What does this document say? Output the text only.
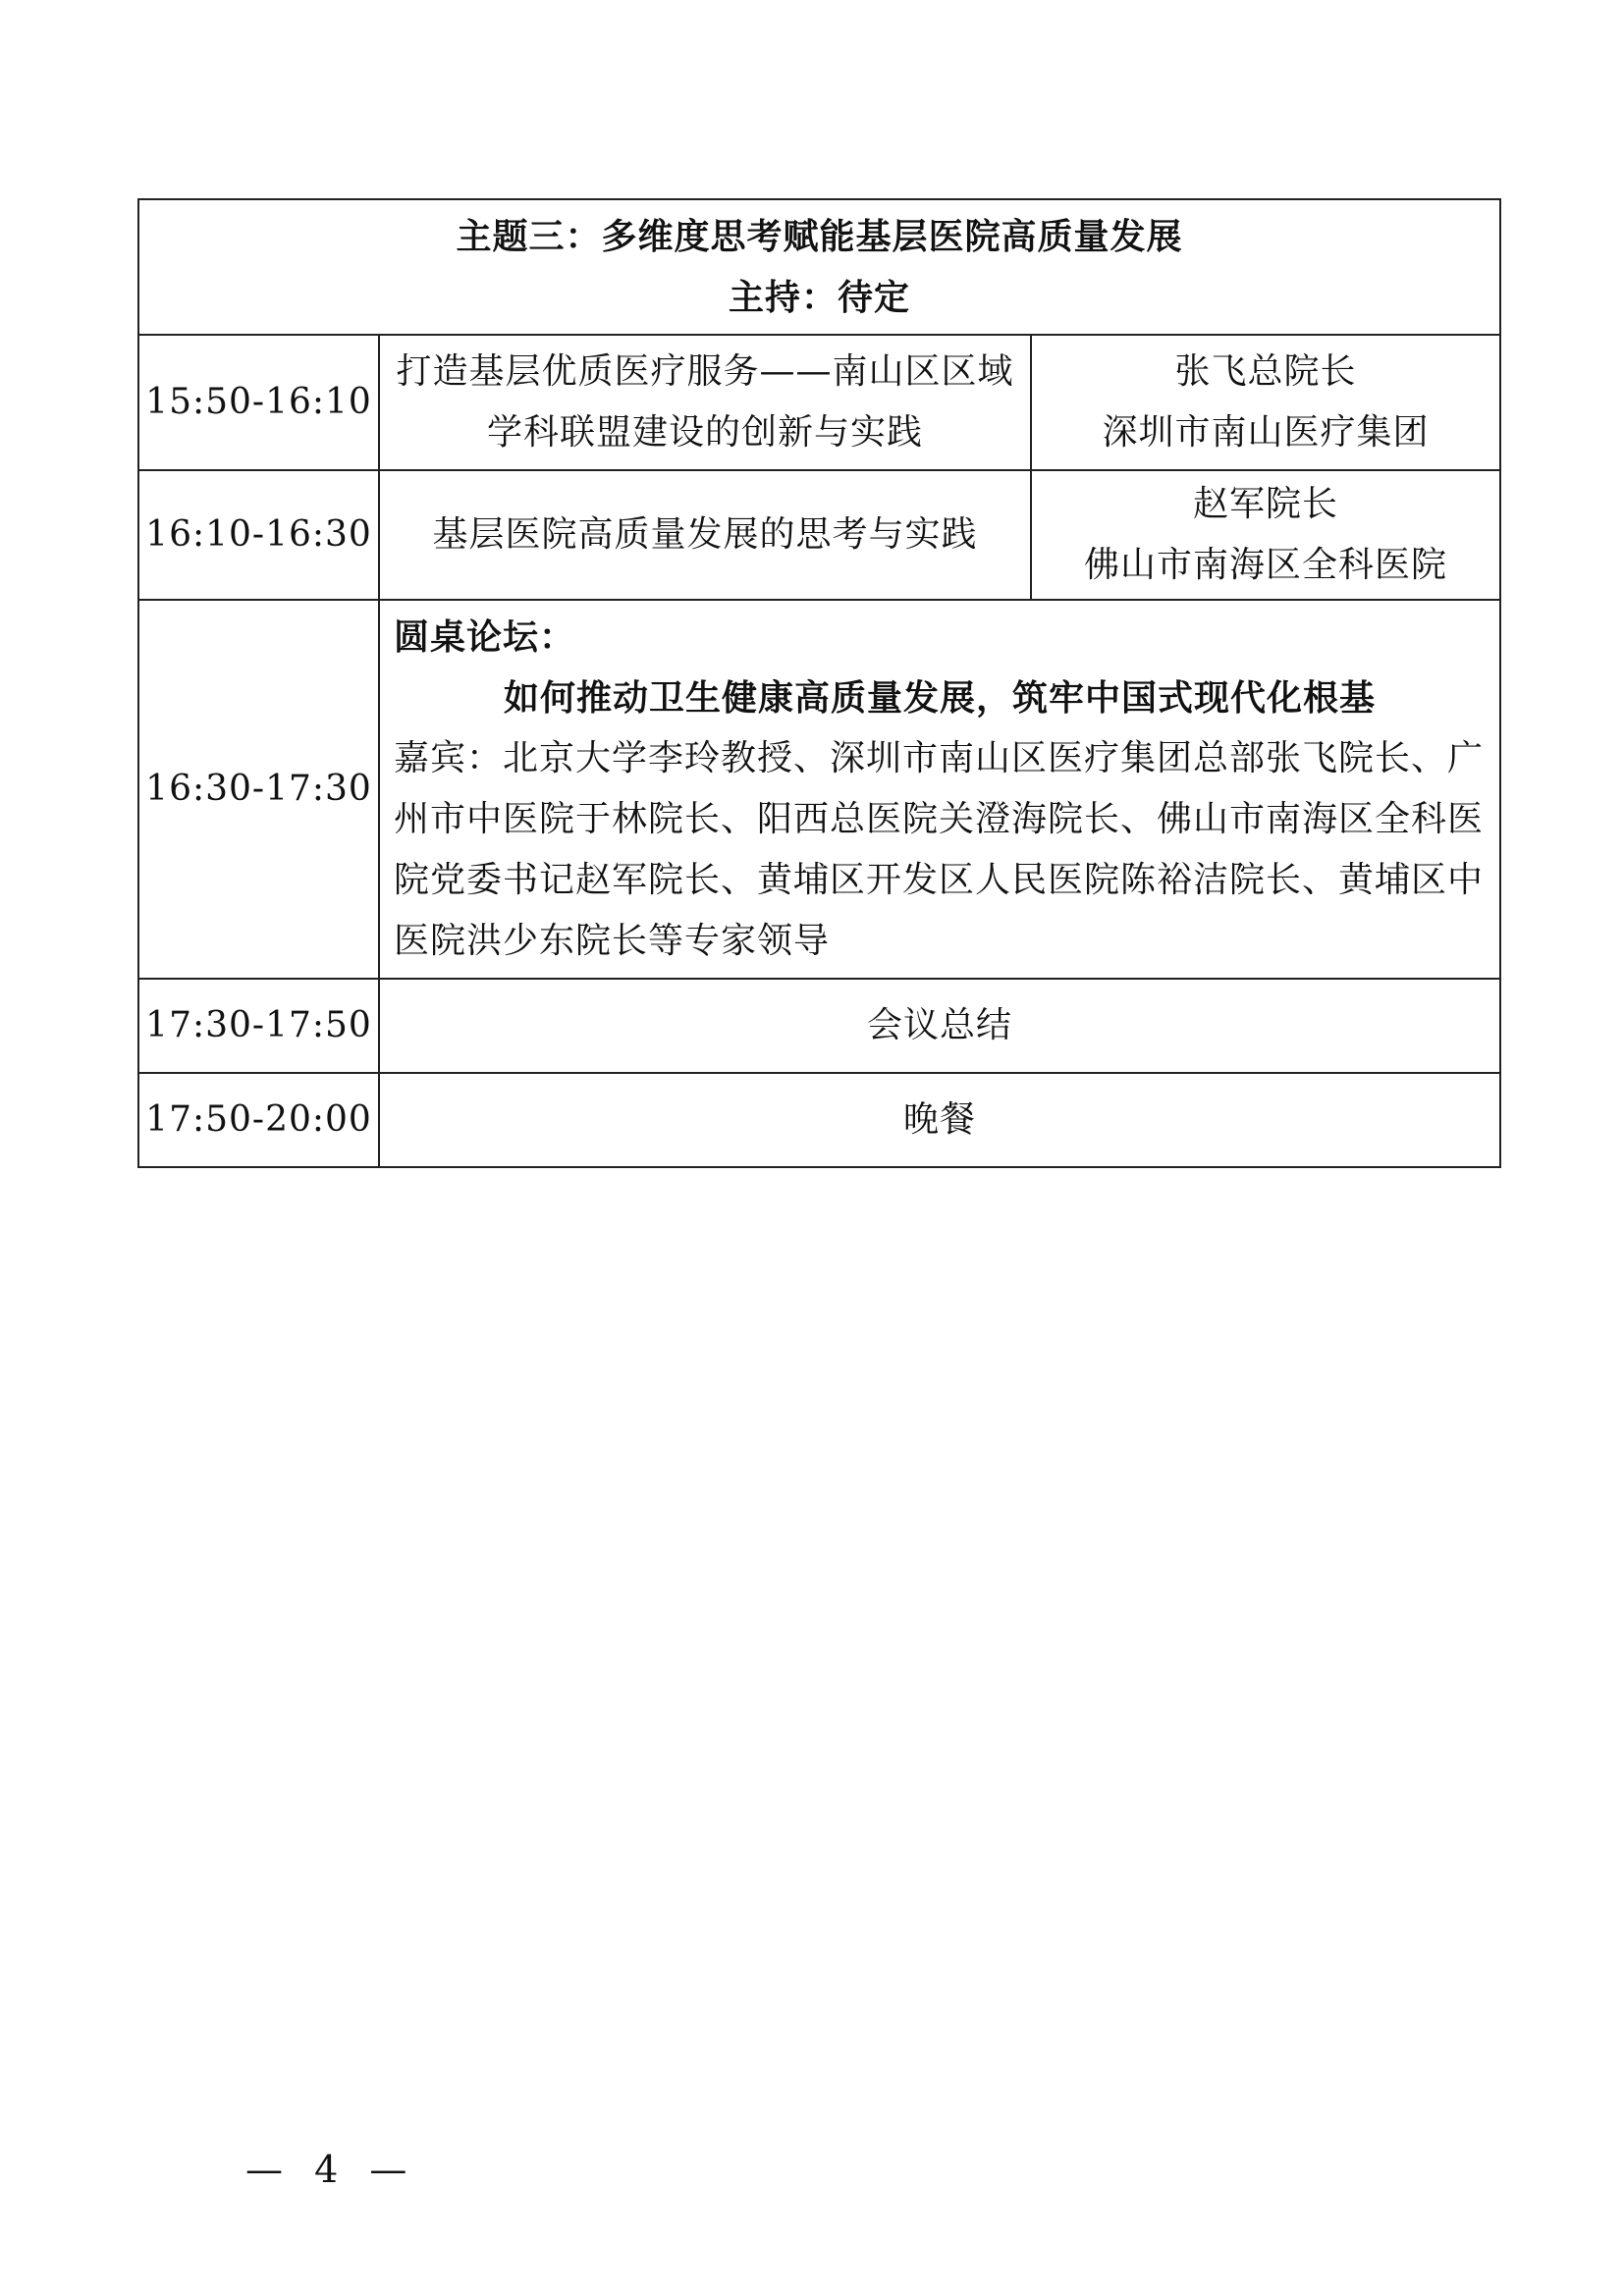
主题三：多维度思考赋能基层医院高质量发展
主持：待定		

15:50-16:10	打造基层优质医疗服务——南山区区域学科联盟建设的创新与实践	张飞总院长
深圳市南山医疗集团

16:10-16:30	基层医院高质量发展的思考与实践	赵军院长
佛山市南海区全科医院

16:30-17:30	圆桌论坛：
如何推动卫生健康高质量发展，筑牢中国式现代化根基
嘉宾：北京大学李玲教授、深圳市南山区医疗集团总部张飞院长、广州市中医院于林院长、阳西总医院关澄海院长、佛山市南海区全科医院党委书记赵军院长、黄埔区开发区人民医院陈裕洁院长、黄埔区中医院洪少东院长等专家领导	

17:30-17:50	会议总结	
17:50-20:00	晚餐	
— 4 —
